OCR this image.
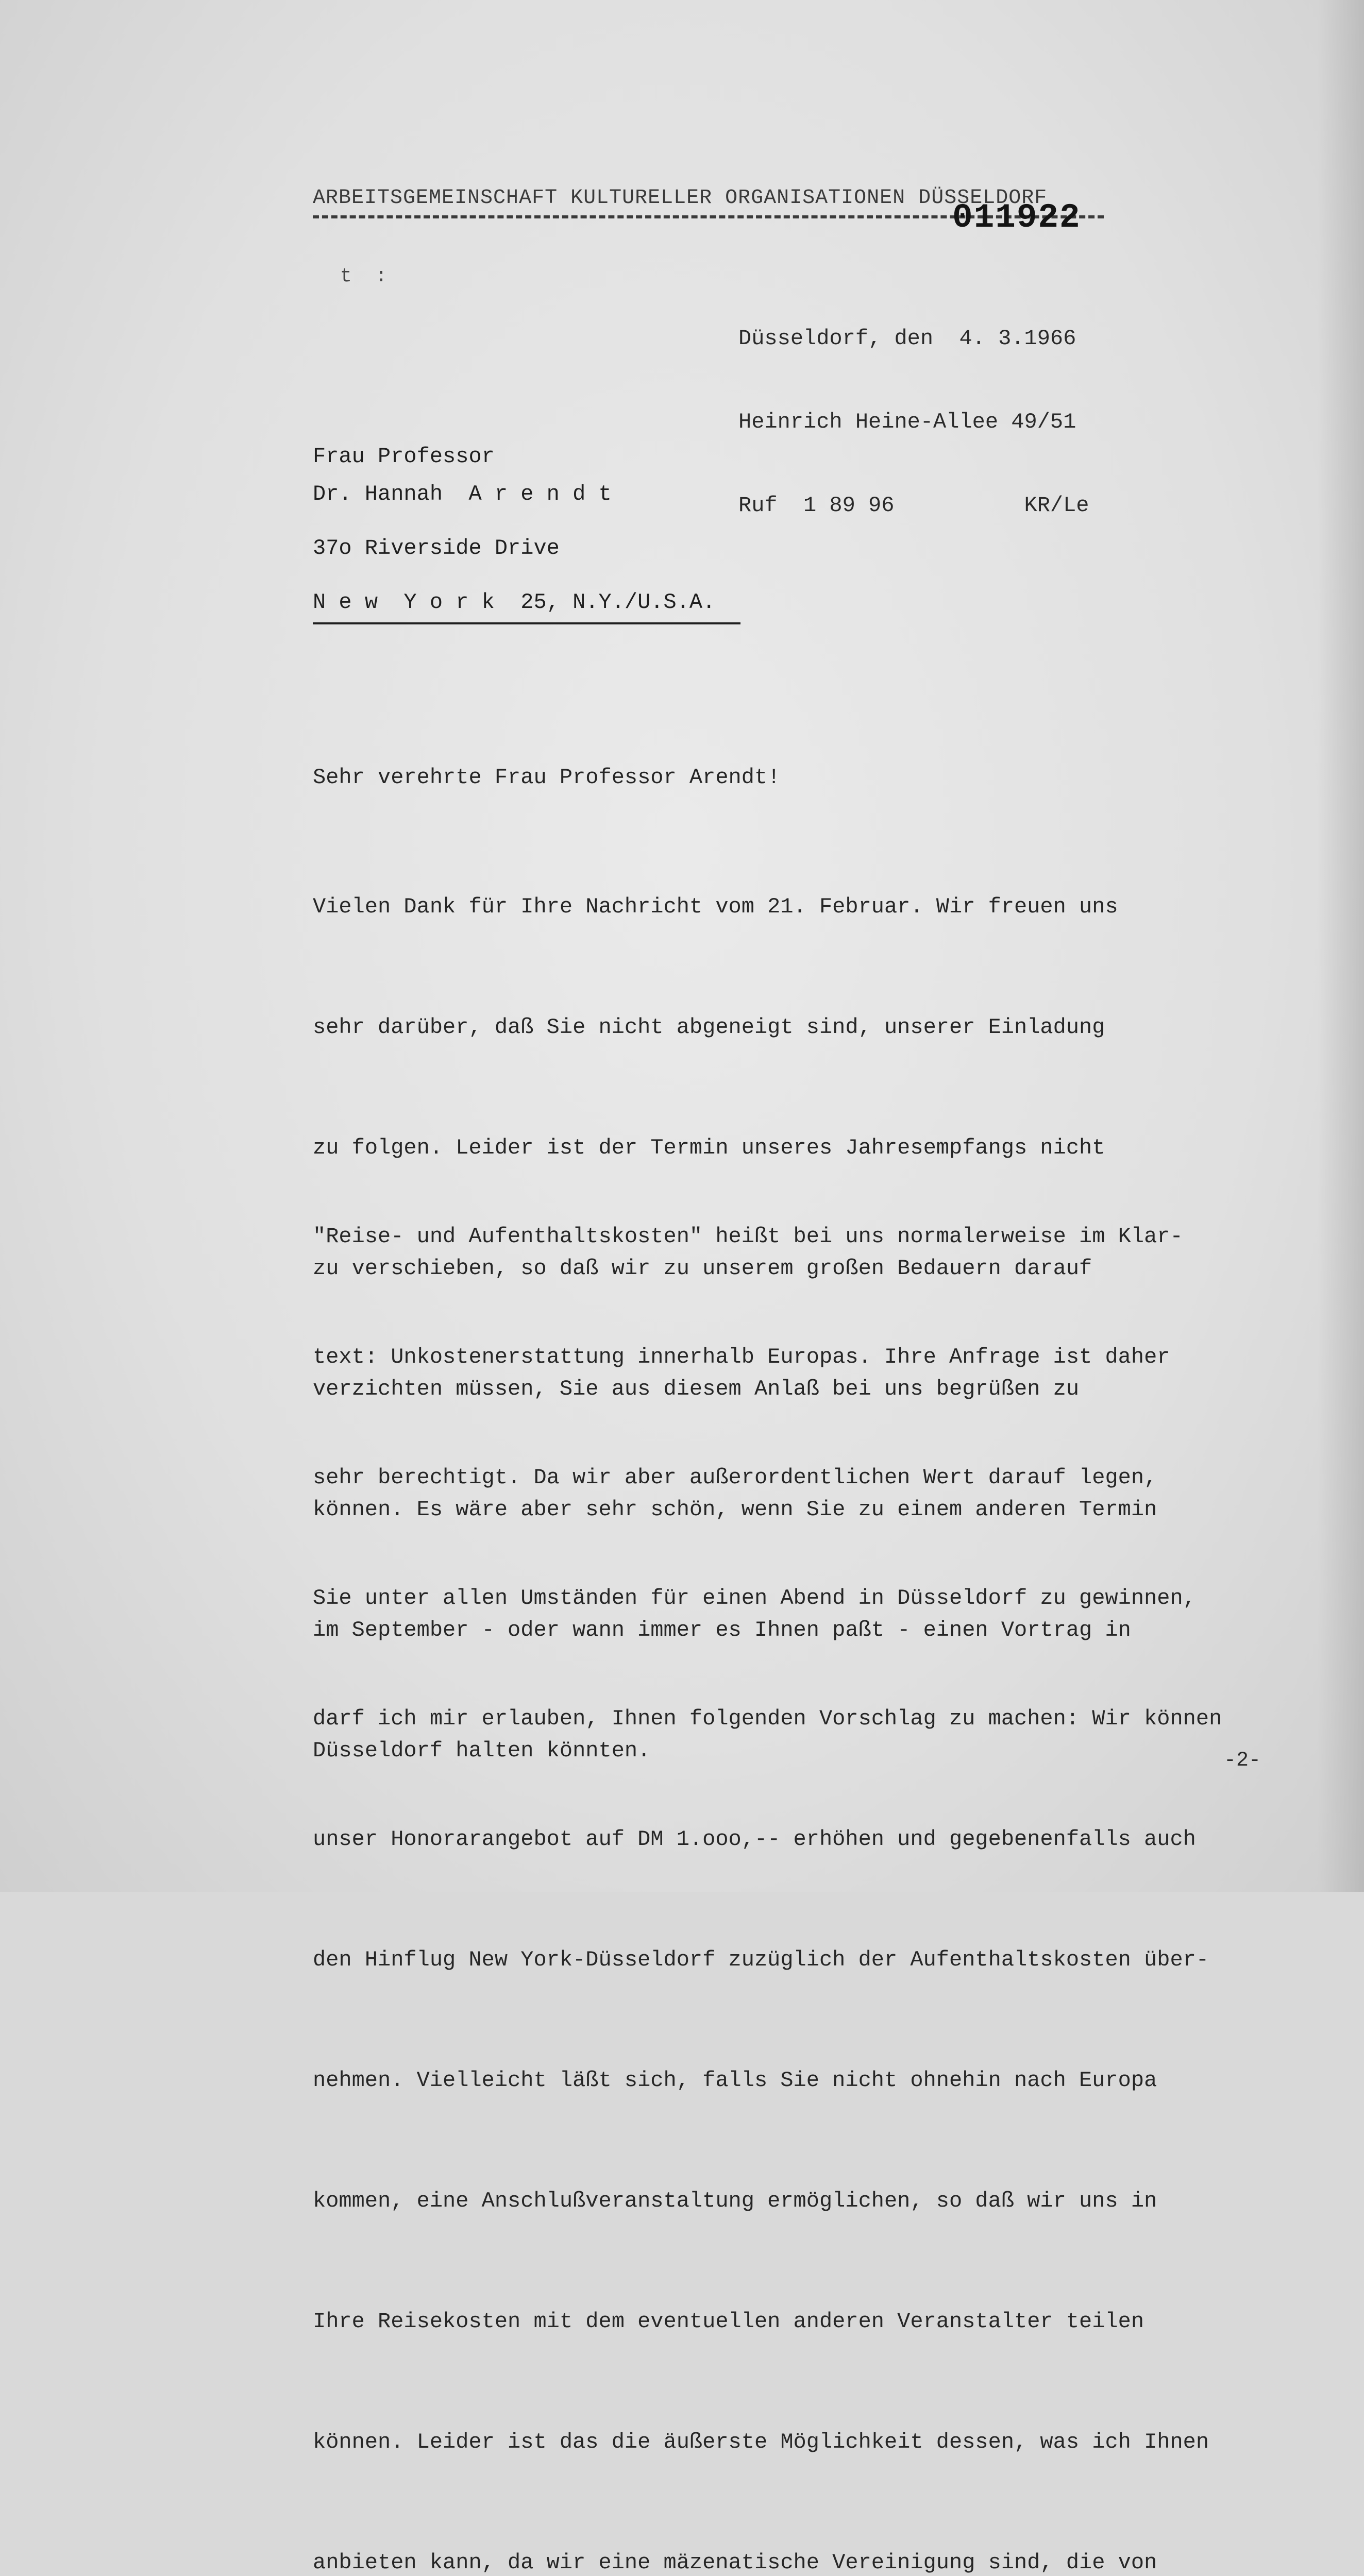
ARBEITSGEMEINSCHAFT KULTURELLER ORGANISATIONEN DÜSSELDORF
011922
t  :

Düsseldorf, den  4. 3.1966

Heinrich Heine-Allee 49/51

Ruf  1 89 96          KR/Le

Frau Professor
Dr. Hannah  A r e n d t
37o Riverside Drive
N e w  Y o r k  25, N.Y./U.S.A.
Sehr verehrte Frau Professor Arendt!

Vielen Dank für Ihre Nachricht vom 21. Februar. Wir freuen uns

sehr darüber, daß Sie nicht abgeneigt sind, unserer Einladung

zu folgen. Leider ist der Termin unseres Jahresempfangs nicht

zu verschieben, so daß wir zu unserem großen Bedauern darauf

verzichten müssen, Sie aus diesem Anlaß bei uns begrüßen zu

können. Es wäre aber sehr schön, wenn Sie zu einem anderen Termin

im September - oder wann immer es Ihnen paßt - einen Vortrag in

Düsseldorf halten könnten.

"Reise- und Aufenthaltskosten" heißt bei uns normalerweise im Klar-

text: Unkostenerstattung innerhalb Europas. Ihre Anfrage ist daher

sehr berechtigt. Da wir aber außerordentlichen Wert darauf legen,

Sie unter allen Umständen für einen Abend in Düsseldorf zu gewinnen,

darf ich mir erlauben, Ihnen folgenden Vorschlag zu machen: Wir können

unser Honorarangebot auf DM 1.ooo,-- erhöhen und gegebenenfalls auch

den Hinflug New York-Düsseldorf zuzüglich der Aufenthaltskosten über-

nehmen. Vielleicht läßt sich, falls Sie nicht ohnehin nach Europa

kommen, eine Anschlußveranstaltung ermöglichen, so daß wir uns in

Ihre Reisekosten mit dem eventuellen anderen Veranstalter teilen

können. Leider ist das die äußerste Möglichkeit dessen, was ich Ihnen

anbieten kann, da wir eine mäzenatische Vereinigung sind, die von

-2-
